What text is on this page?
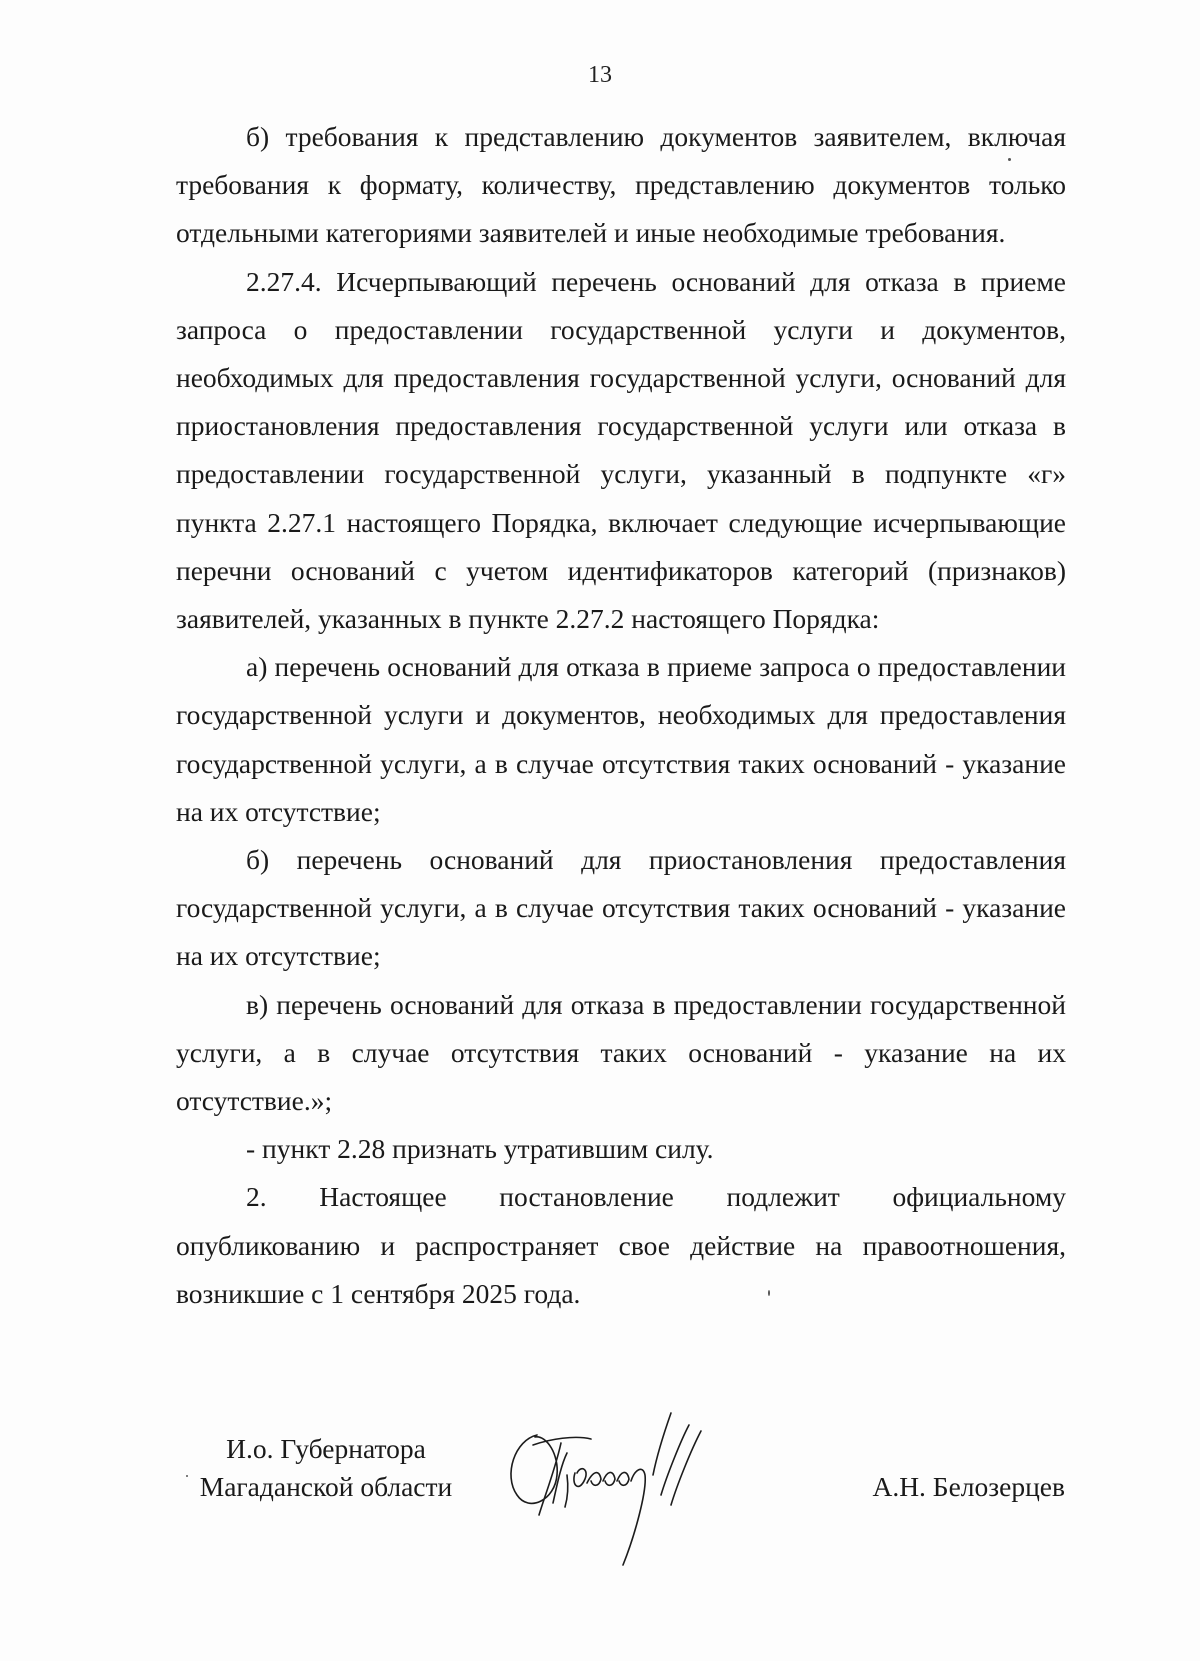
13

б) требования к представлению документов заявителем, включая требования к формату, количеству, представлению документов только отдельными категориями заявителей и иные необходимые требования.

2.27.4. Исчерпывающий перечень оснований для отказа в приеме запроса о предоставлении государственной услуги и документов, необходимых для предоставления государственной услуги, оснований для приостановления предоставления государственной услуги или отказа в предоставлении государственной услуги, указанный в подпункте «г» пункта 2.27.1 настоящего Порядка, включает следующие исчерпывающие перечни оснований с учетом идентификаторов категорий (признаков) заявителей, указанных в пункте 2.27.2 настоящего Порядка:

а) перечень оснований для отказа в приеме запроса о предоставлении государственной услуги и документов, необходимых для предоставления государственной услуги, а в случае отсутствия таких оснований - указание на их отсутствие;

б) перечень оснований для приостановления предоставления государственной услуги, а в случае отсутствия таких оснований - указание на их отсутствие;

в) перечень оснований для отказа в предоставлении государственной услуги, а в случае отсутствия таких оснований - указание на их отсутствие.»;

- пункт 2.28 признать утратившим силу.

2. Настоящее постановление подлежит официальному опубликованию и распространяет свое действие на правоотношения, возникшие с 1 сентября 2025 года.

И.о. Губернатора
Магаданской области	А.Н. Белозерцев
